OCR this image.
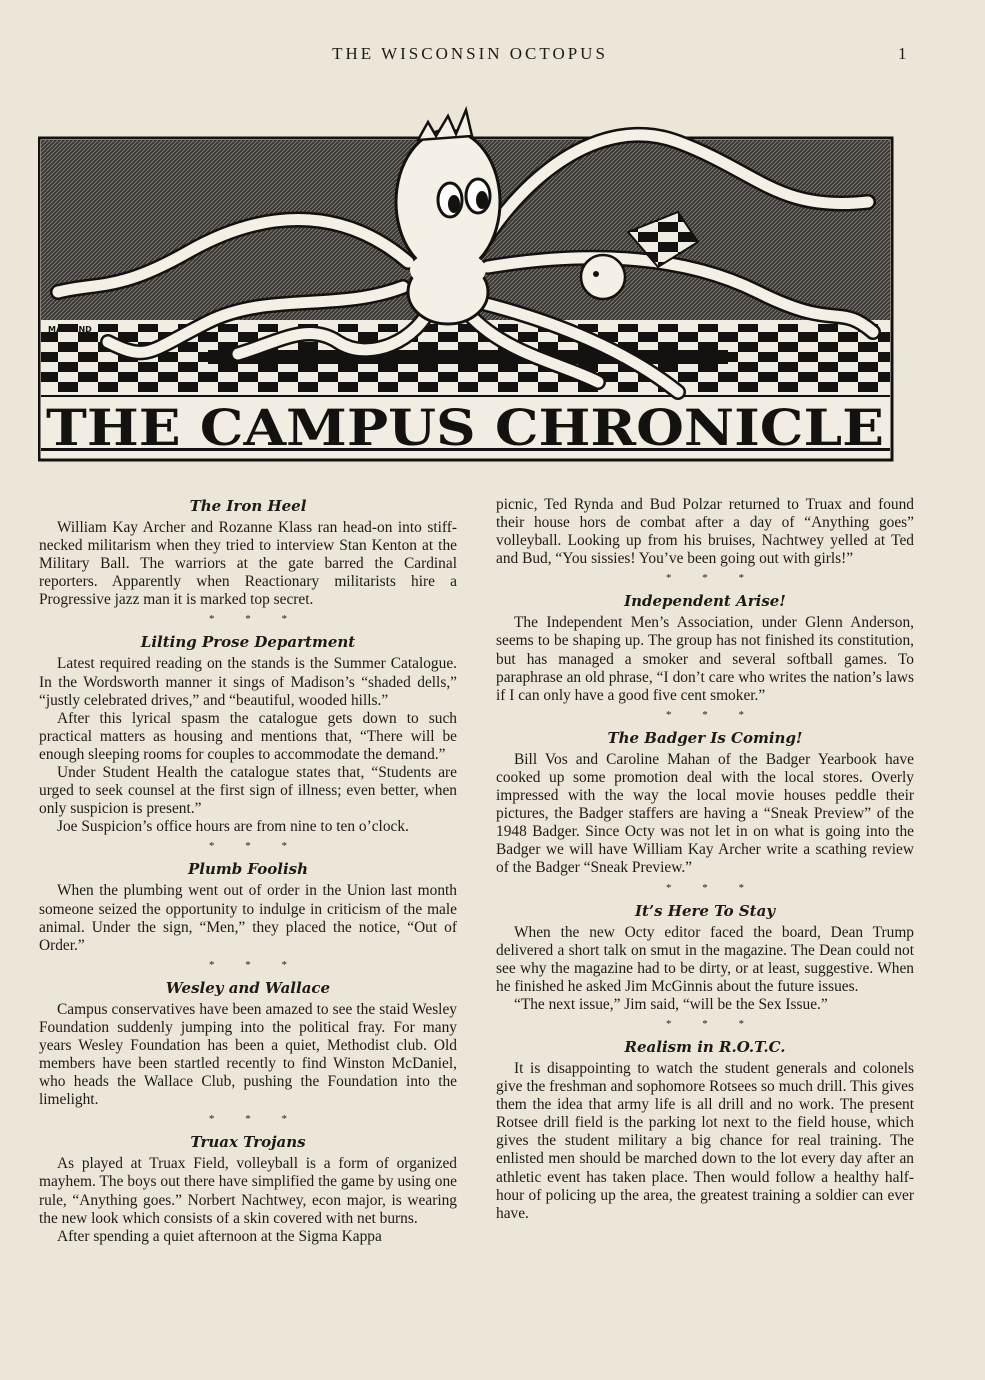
THE WISCONSIN OCTOPUS	1
MAYLAND
THE CAMPUS CHRONICLE
The Iron Heel

William Kay Archer and Rozanne Klass ran head-on into stiff-necked militarism when they tried to interview Stan Kenton at the Military Ball. The warriors at the gate barred the Cardinal reporters. Apparently when Reactionary militarists hire a Progressive jazz man it is marked top secret.

* * *
Lilting Prose Department

Latest required reading on the stands is the Summer Catalogue. In the Wordsworth manner it sings of Madison’s “shaded dells,” “justly celebrated drives,” and “beautiful, wooded hills.”

After this lyrical spasm the catalogue gets down to such practical matters as housing and mentions that, “There will be enough sleeping rooms for couples to accommodate the demand.”

Under Student Health the catalogue states that, “Students are urged to seek counsel at the first sign of illness; even better, when only suspicion is present.”

Joe Suspicion’s office hours are from nine to ten o’clock.

* * *
Plumb Foolish

When the plumbing went out of order in the Union last month someone seized the opportunity to indulge in criticism of the male animal. Under the sign, “Men,” they placed the notice, “Out of Order.”

* * *
Wesley and Wallace

Campus conservatives have been amazed to see the staid Wesley Foundation suddenly jumping into the political fray. For many years Wesley Foundation has been a quiet, Methodist club. Old members have been startled recently to find Winston McDaniel, who heads the Wallace Club, pushing the Foundation into the limelight.

* * *
Truax Trojans

As played at Truax Field, volleyball is a form of organized mayhem. The boys out there have simplified the game by using one rule, “Anything goes.” Norbert Nachtwey, econ major, is wearing the new look which consists of a skin covered with net burns.

After spending a quiet afternoon at the Sigma Kappa

picnic, Ted Rynda and Bud Polzar returned to Truax and found their house hors de combat after a day of “Anything goes” volleyball. Looking up from his bruises, Nachtwey yelled at Ted and Bud, “You sissies! You’ve been going out with girls!”

* * *
Independent Arise!

The Independent Men’s Association, under Glenn Anderson, seems to be shaping up. The group has not finished its constitution, but has managed a smoker and several softball games. To paraphrase an old phrase, “I don’t care who writes the nation’s laws if I can only have a good five cent smoker.”

* * *
The Badger Is Coming!

Bill Vos and Caroline Mahan of the Badger Yearbook have cooked up some promotion deal with the local stores. Overly impressed with the way the local movie houses peddle their pictures, the Badger staffers are having a “Sneak Preview” of the 1948 Badger. Since Octy was not let in on what is going into the Badger we will have William Kay Archer write a scathing review of the Badger “Sneak Preview.”

* * *
It’s Here To Stay

When the new Octy editor faced the board, Dean Trump delivered a short talk on smut in the magazine. The Dean could not see why the magazine had to be dirty, or at least, suggestive. When he finished he asked Jim McGinnis about the future issues.

“The next issue,” Jim said, “will be the Sex Issue.”

* * *
Realism in R.O.T.C.

It is disappointing to watch the student generals and colonels give the freshman and sophomore Rotsees so much drill. This gives them the idea that army life is all drill and no work. The present Rotsee drill field is the parking lot next to the field house, which gives the student military a big chance for real training. The enlisted men should be marched down to the lot every day after an athletic event has taken place. Then would follow a healthy half-hour of policing up the area, the greatest training a soldier can ever have.
